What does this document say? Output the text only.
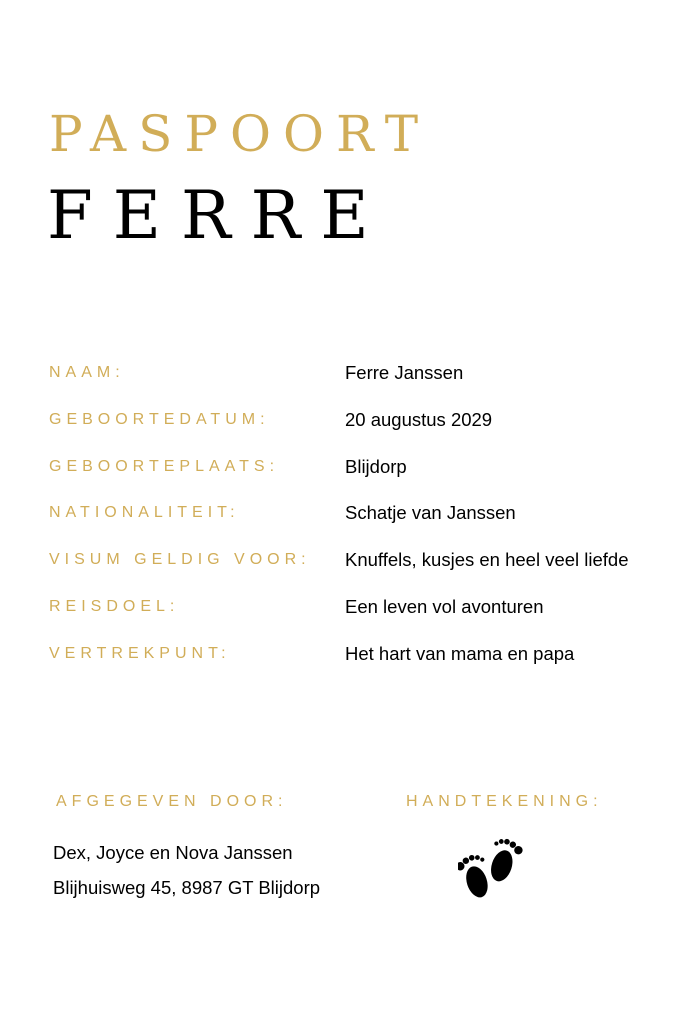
PASPOORT
FERRE
NAAM:	Ferre Janssen
GEBOORTEDATUM:	20 augustus 2029
GEBOORTEPLAATS:	Blijdorp
NATIONALITEIT:	Schatje van Janssen
VISUM GELDIG VOOR: Knuffels, kusjes en heel veel liefde
REISDOEL:	Een leven vol avonturen
VERTREKPUNT:	Het hart van mama en papa
AFGEGEVEN DOOR:	HANDTEKENING:
Dex, Joyce en Nova Janssen
Blijhuisweg 45, 8987 GT Blijdorp
